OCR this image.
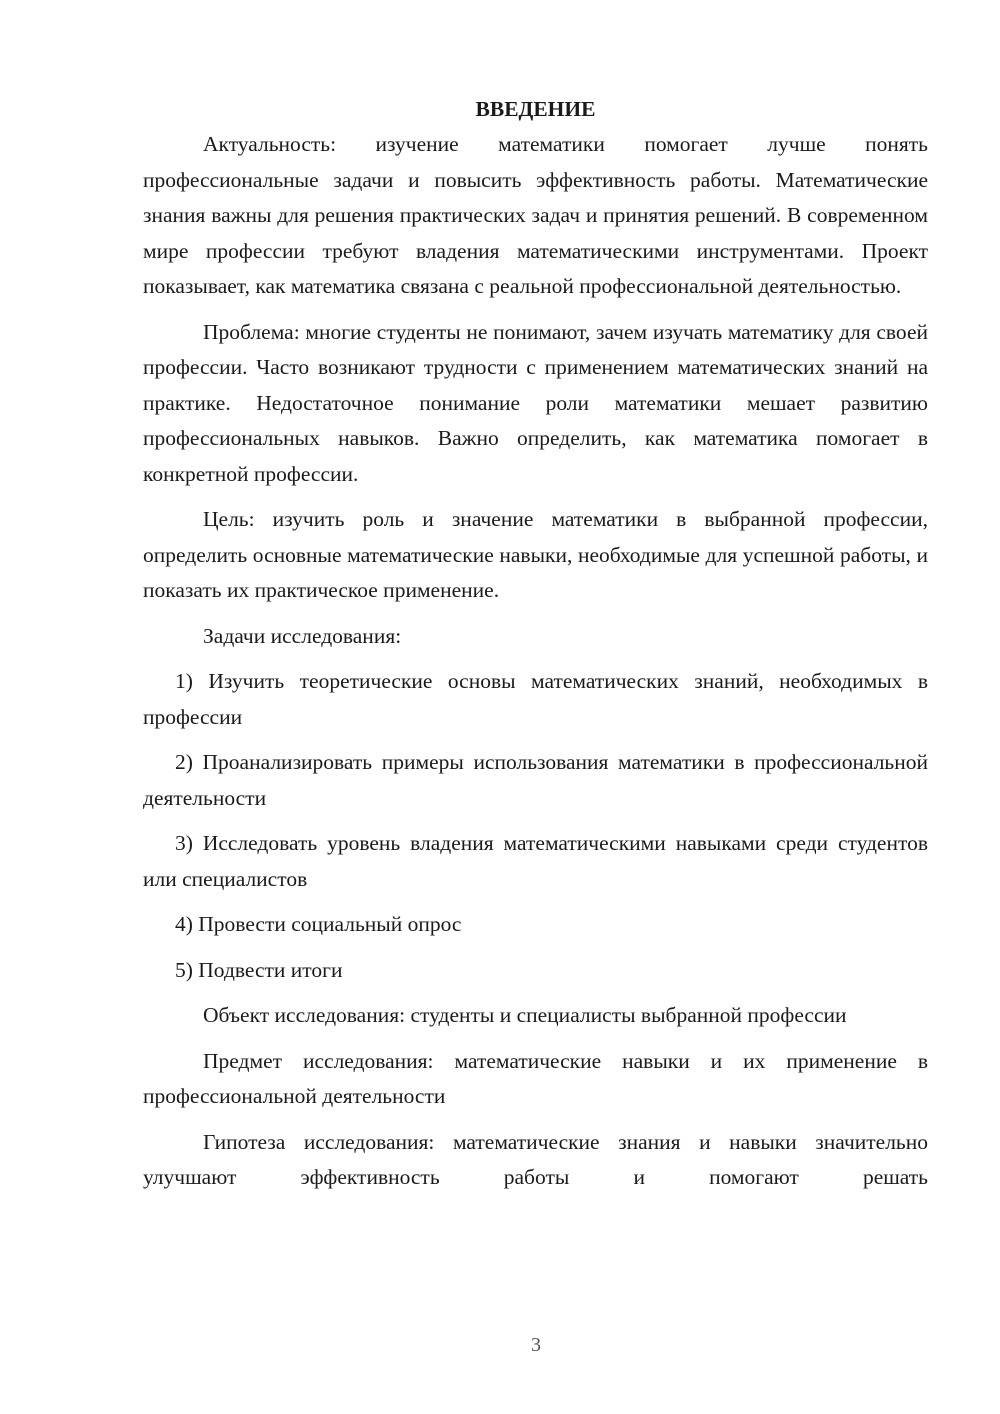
ВВЕДЕНИЕ

Актуальность: изучение математики помогает лучше понять профессиональные задачи и повысить эффективность работы. Математические знания важны для решения практических задач и принятия решений. В современном мире профессии требуют владения математическими инструментами. Проект показывает, как математика связана с реальной профессиональной деятельностью.

Проблема: многие студенты не понимают, зачем изучать математику для своей профессии. Часто возникают трудности с применением математических знаний на практике. Недостаточное понимание роли математики мешает развитию профессиональных навыков. Важно определить, как математика помогает в конкретной профессии.

Цель: изучить роль и значение математики в выбранной профессии, определить основные математические навыки, необходимые для успешной работы, и показать их практическое применение.

Задачи исследования:

1) Изучить теоретические основы математических знаний, необходимых в профессии

2) Проанализировать примеры использования математики в профессиональной деятельности

3) Исследовать уровень владения математическими навыками среди студентов или специалистов

4) Провести социальный опрос

5) Подвести итоги

Объект исследования: студенты и специалисты выбранной профессии

Предмет исследования: математические навыки и их применение в профессиональной деятельности

Гипотеза исследования: математические знания и навыки значительно улучшают эффективность работы и помогают решать

3
